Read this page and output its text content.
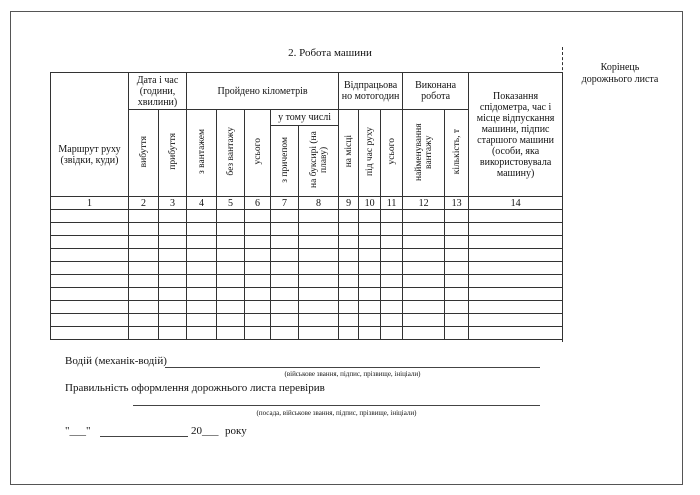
2. Робота машини
Маршрут руху (звідки, куди)	Дата і час (години, хвилини)		Пройдено кілометрів					Відпрацьова но мотогодин			Виконана робота		Показання спідометра, час і місце відпускання машини, підпис старшого машини (особи, яка використовувала машину)
	вибуття	прибуття	з вантажем	без вантажу	усього	у тому числі		на місці	під час руху	усього	найменування вантажу	кількість, т	
						з причепом	на буксирі (на плаву)						
1	2	3	4	5	6	7	8	9	10	11	12	13	14

Корінець дорожнього листа
Водій (механік-водій)
(військове звання, підпис, прізвище, ініціали)
Правильність оформлення дорожнього листа перевірив
(посада, військове звання, підпис, прізвище, ініціали)
"___"	20___ року
